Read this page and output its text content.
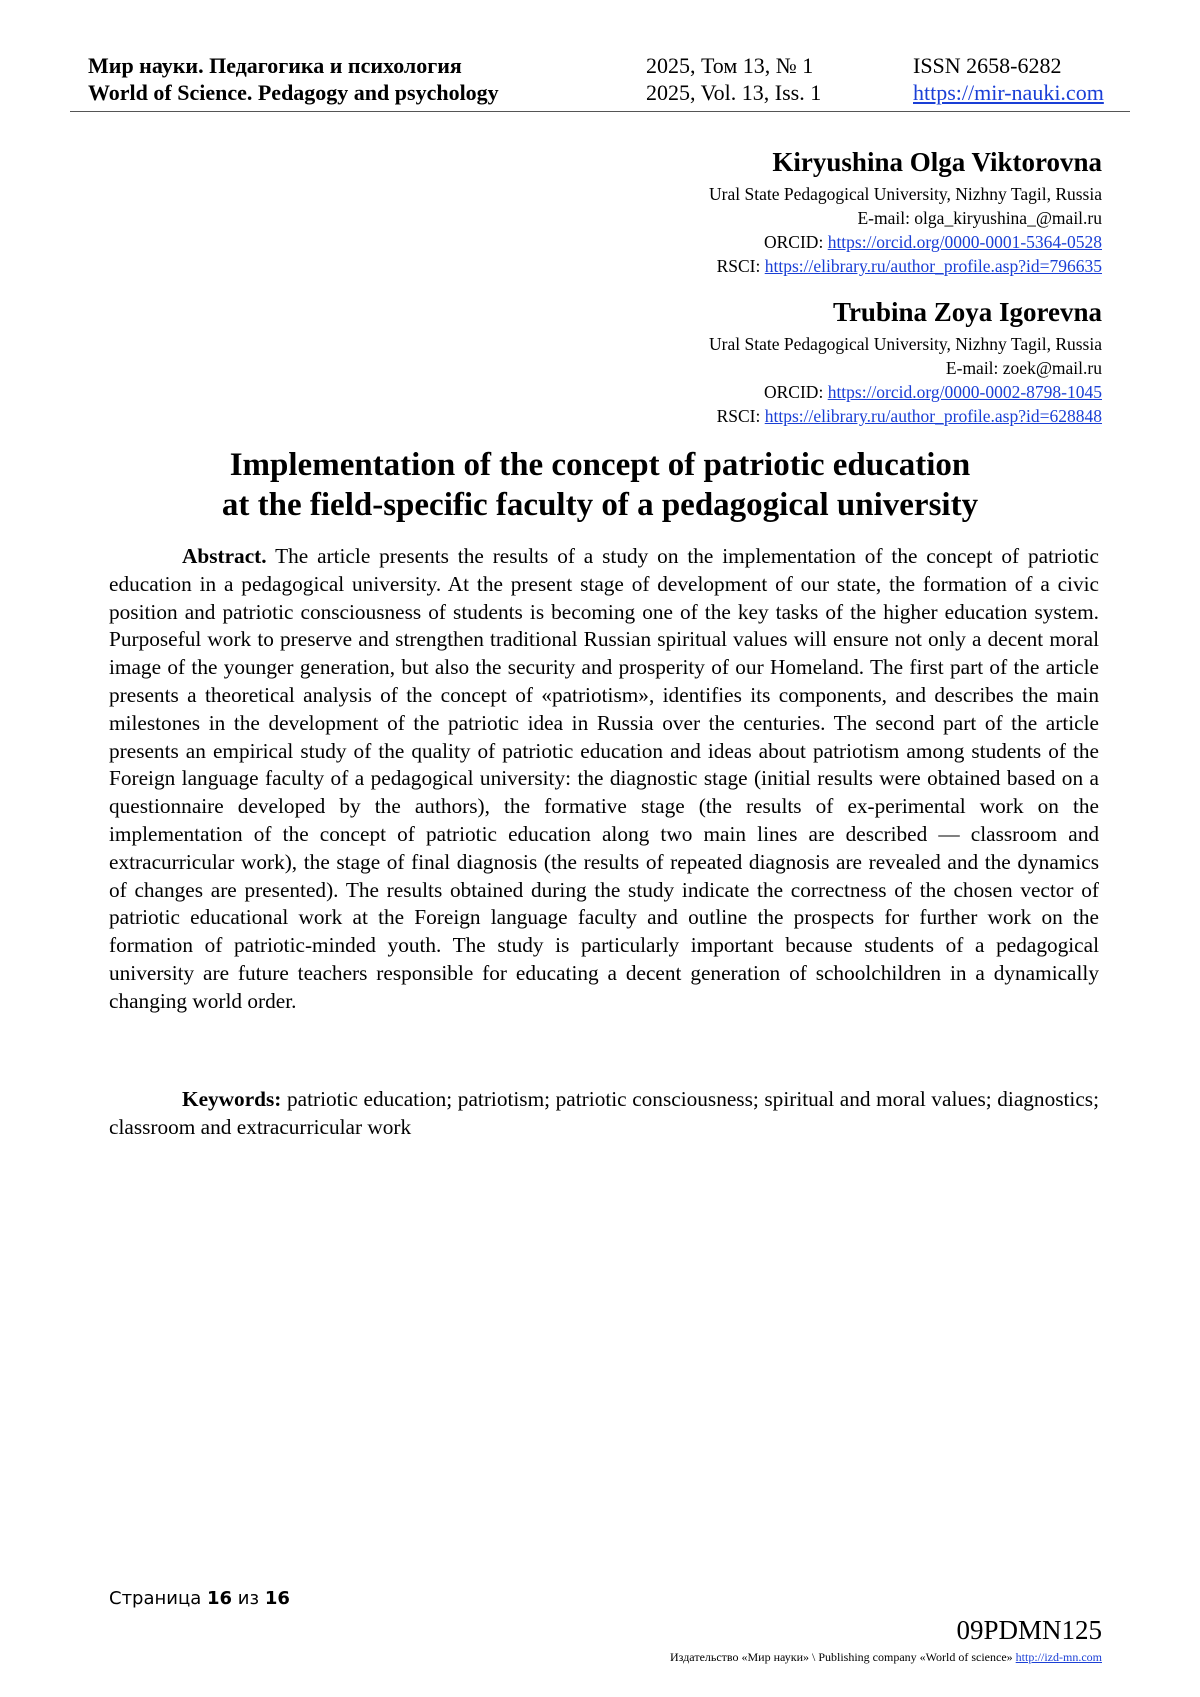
Мир науки. Педагогика и психология
World of Science. Pedagogy and psychology
2025, Том 13, № 1
2025, Vol. 13, Iss. 1
ISSN 2658-6282
https://mir-nauki.com
Kiryushina Olga Viktorovna
Ural State Pedagogical University, Nizhny Tagil, Russia
E-mail: olga_kiryushina_@mail.ru
ORCID: https://orcid.org/0000-0001-5364-0528
RSCI: https://elibrary.ru/author_profile.asp?id=796635
Trubina Zoya Igorevna
Ural State Pedagogical University, Nizhny Tagil, Russia
E-mail: zoek@mail.ru
ORCID: https://orcid.org/0000-0002-8798-1045
RSCI: https://elibrary.ru/author_profile.asp?id=628848
Implementation of the concept of patriotic education
at the field-specific faculty of a pedagogical university
Abstract. The article presents the results of a study on the implementation of the concept of patriotic education in a pedagogical university. At the present stage of development of our state, the formation of a civic position and patriotic consciousness of students is becoming one of the key tasks of the higher education system. Purposeful work to preserve and strengthen traditional Russian spiritual values will ensure not only a decent moral image of the younger generation, but also the security and prosperity of our Homeland. The first part of the article presents a theoretical analysis of the concept of «patriotism», identifies its components, and describes the main milestones in the development of the patriotic idea in Russia over the centuries. The second part of the article presents an empirical study of the quality of patriotic education and ideas about patriotism among students of the Foreign language faculty of a pedagogical university: the diagnostic stage (initial results were obtained based on a questionnaire developed by the authors), the formative stage (the results of ex-perimental work on the implementation of the concept of patriotic education along two main lines are described — classroom and extracurricular work), the stage of final diagnosis (the results of repeated diagnosis are revealed and the dynamics of changes are presented). The results obtained during the study indicate the correctness of the chosen vector of patriotic educational work at the Foreign language faculty and outline the prospects for further work on the formation of patriotic-minded youth. The study is particularly important because students of a pedagogical university are future teachers responsible for educating a decent generation of schoolchildren in a dynamically changing world order.
Keywords: patriotic education; patriotism; patriotic consciousness; spiritual and moral values; diagnostics; classroom and extracurricular work
Страница 16 из 16
09PDMN125
Издательство «Мир науки» \ Publishing company «World of science» http://izd-mn.com
